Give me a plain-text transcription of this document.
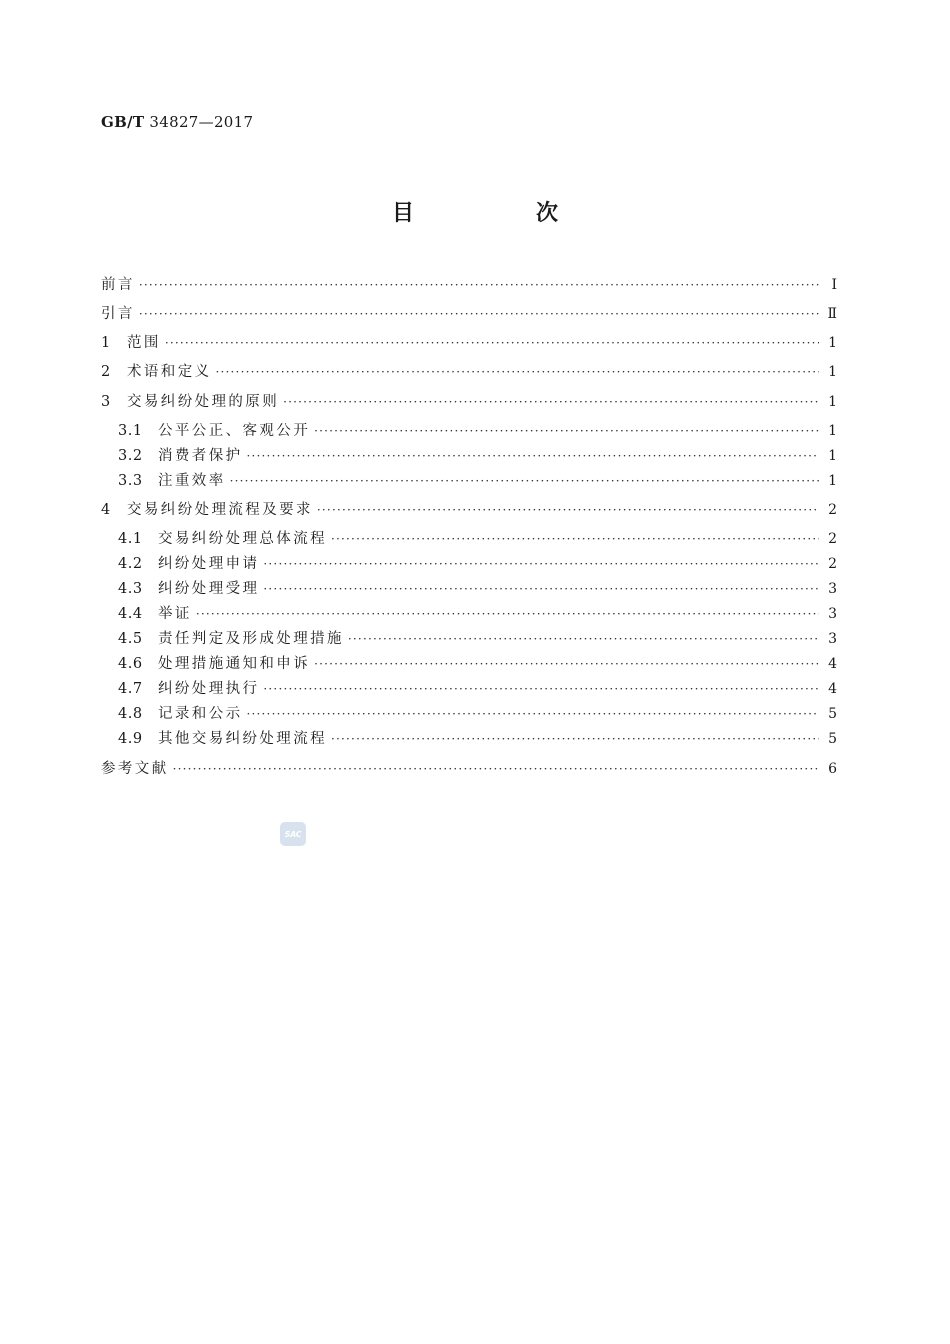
GB/T 34827—2017
目　次
前言 ·····	Ⅰ
引言 ·····	Ⅱ
1	范围 ·····	1
2	术语和定义 ·····	1
3	交易纠纷处理的原则 ·····	1
3.1	公平公正、客观公开 ·····	1
3.2	消费者保护 ·····	1
3.3	注重效率 ·····	1
4	交易纠纷处理流程及要求 ·····	2
4.1	交易纠纷处理总体流程 ·····	2
4.2	纠纷处理申请 ·····	2
4.3	纠纷处理受理 ·····	3
4.4	举证 ·····	3
4.5	责任判定及形成处理措施 ·····	3
4.6	处理措施通知和申诉 ·····	4
4.7	纠纷处理执行 ·····	4
4.8	记录和公示 ·····	5
4.9	其他交易纠纷处理流程 ·····	5
参考文献 ·····	6
SAC
